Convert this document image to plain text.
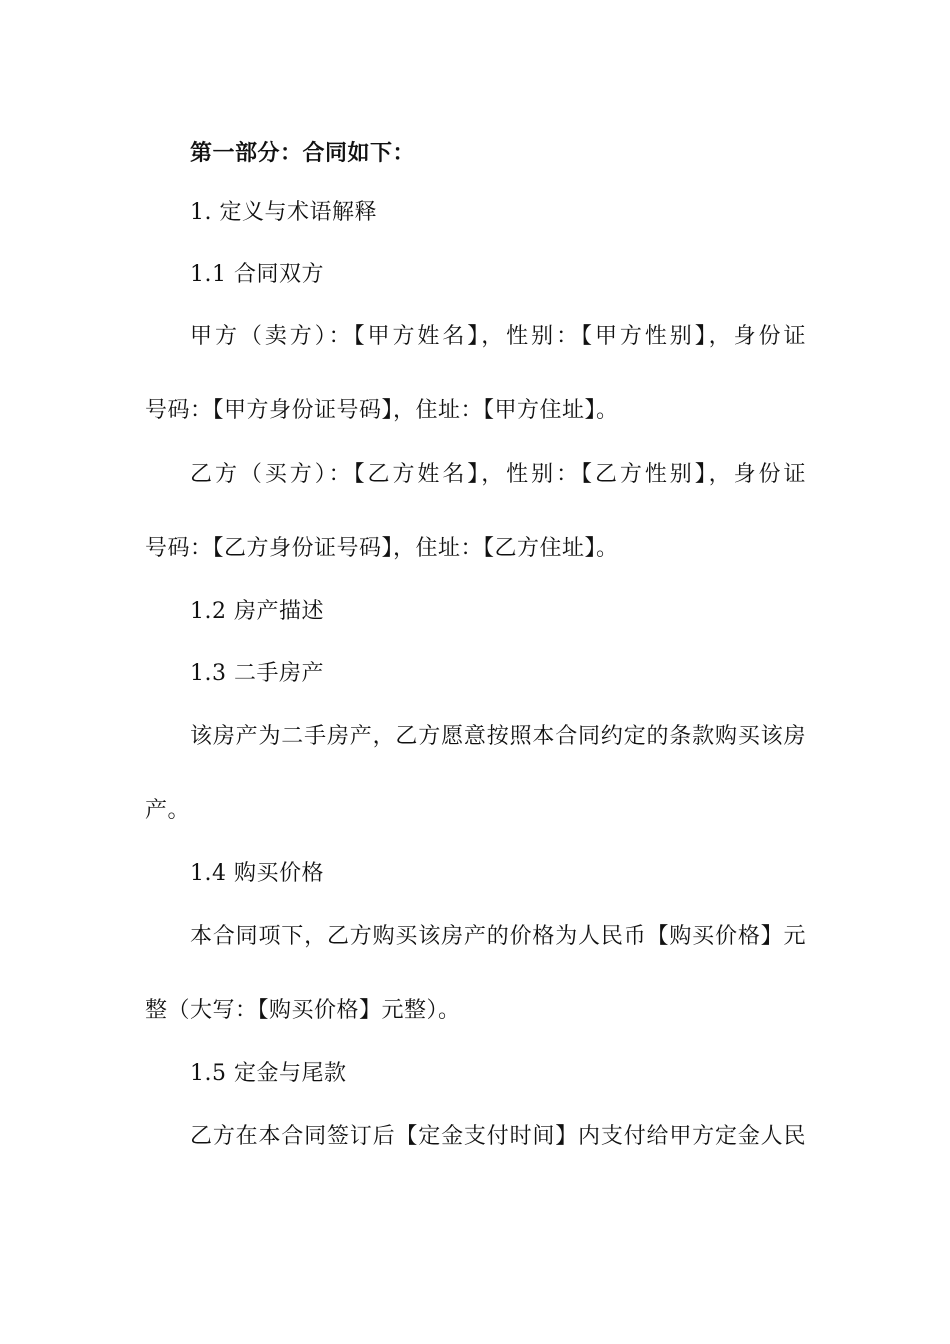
第一部分：合同如下：

1. 定义与术语解释

1.1 合同双方

甲方（卖方）：【甲方姓名】，性别：【甲方性别】，身份证

号码：【甲方身份证号码】，住址：【甲方住址】。

乙方（买方）：【乙方姓名】，性别：【乙方性别】，身份证

号码：【乙方身份证号码】，住址：【乙方住址】。

1.2 房产描述

1.3 二手房产

该房产为二手房产，乙方愿意按照本合同约定的条款购买该房

产。

1.4 购买价格

本合同项下，乙方购买该房产的价格为人民币【购买价格】元

整（大写：【购买价格】元整）。

1.5 定金与尾款

乙方在本合同签订后【定金支付时间】内支付给甲方定金人民
